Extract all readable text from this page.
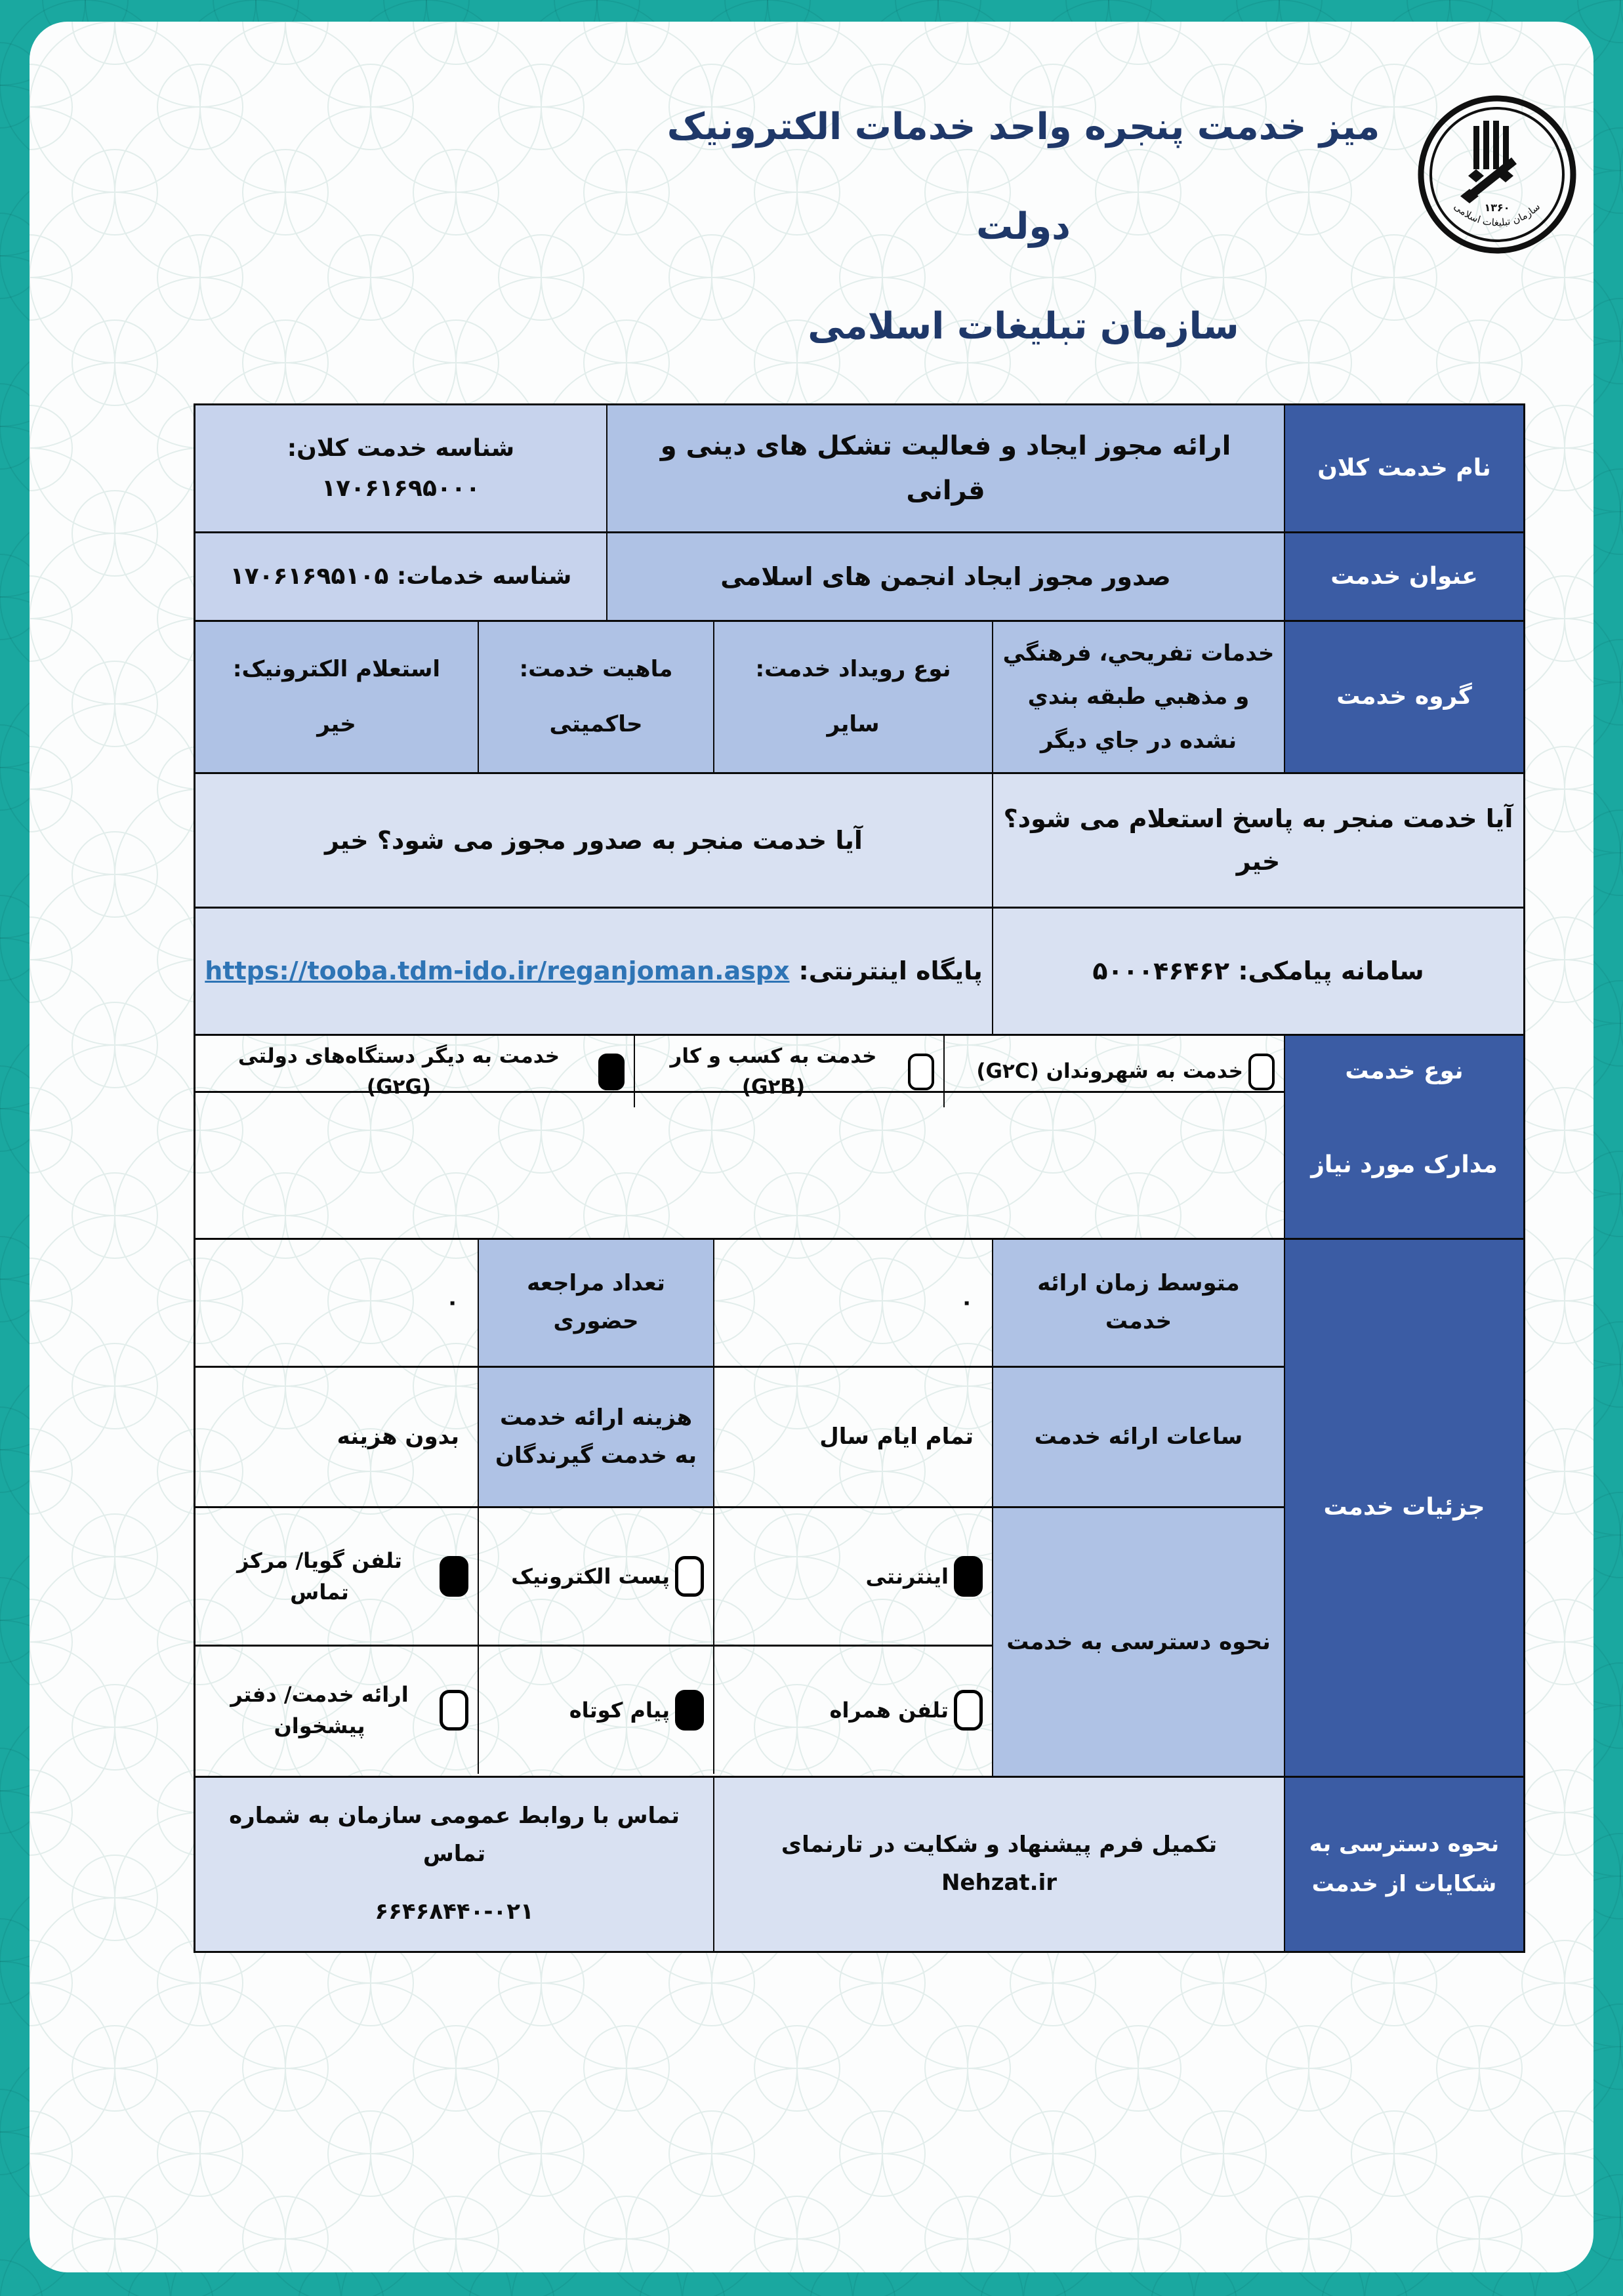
میز خدمت پنجره واحد خدمات الکترونیک دولت
سازمان تبلیغات اسلامی
۱۳۶۰
سازمان تبلیغات اسلامی
نام خدمت کلان
ارائه مجوز ایجاد و فعالیت تشکل های دینی و قرانی
شناسه خدمت کلان: ۱۷۰۶۱۶۹۵۰۰۰
عنوان خدمت
صدور مجوز ایجاد انجمن های اسلامی
شناسه خدمات: ۱۷۰۶۱۶۹۵۱۰۵
گروه خدمت
خدمات تفريحي، فرهنگي و مذهبي طبقه بندي نشده در جاي ديگر
نوع رویداد خدمت:
سایر
ماهیت خدمت:
حاکمیتی
استعلام الکترونیک:
خیر
آیا خدمت منجر به پاسخ استعلام می شود؟ خیر
آیا خدمت منجر به صدور مجوز می شود؟ خیر
سامانه پیامکی: ۵۰۰۰۴۶۴۶۲
پایگاه اینترنتی:
https://tooba.tdm-ido.ir/reganjoman.aspx
نوع خدمت
خدمت به شهروندان (G۲C)
خدمت به کسب و کار (G۲B)
خدمت به دیگر دستگاه‌های دولتی (G۲G)
مدارک مورد نیاز
جزئیات خدمت
متوسط زمان ارائه خدمت
۰
تعداد مراجعه حضوری
۰
ساعات ارائه خدمت
تمام ایام سال
هزینه ارائه خدمت به خدمت گیرندگان
بدون هزینه
نحوه دسترسی به خدمت
اینترنتی
پست الکترونیک
تلفن گویا/ مرکز تماس
تلفن همراه
پیام کوتاه
ارائه خدمت/ دفتر پیشخوان
نحوه دسترسی به شکایات از خدمت
تکمیل فرم پیشنهاد و شکایت در تارنمای Nehzat.ir
تماس با روابط عمومی سازمان به شماره تماس
۶۶۴۶۸۴۴۰-۰۲۱
